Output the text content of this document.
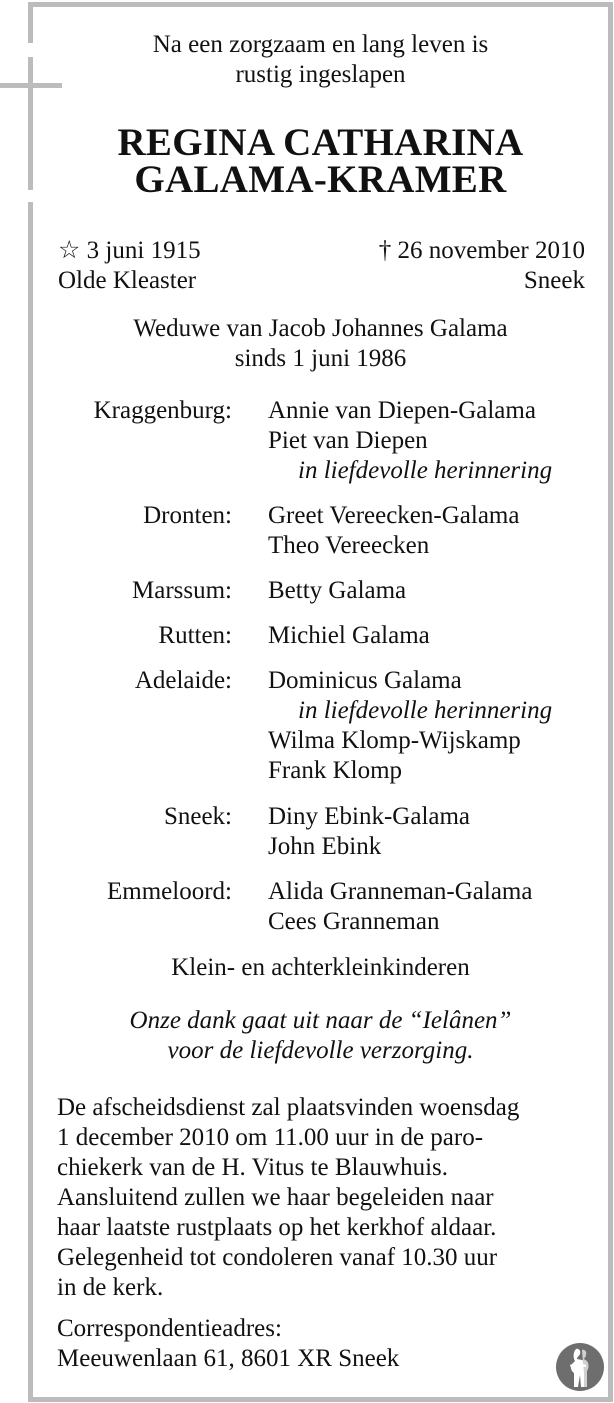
Na een zorgzaam en lang leven is
rustig ingeslapen
REGINA CATHARINA
GALAMA-KRAMER
☆ 3 juni 1915
Olde Kleaster
† 26 november 2010
Sneek
Weduwe van Jacob Johannes Galama
sinds 1 juni 1986
Kraggenburg: Annie van Diepen-Galama
Piet van Diepen
in liefdevolle herinnering
Dronten: Greet Vereecken-Galama
Theo Vereecken
Marssum: Betty Galama
Rutten: Michiel Galama
Adelaide: Dominicus Galama
in liefdevolle herinnering
Wilma Klomp-Wijskamp
Frank Klomp
Sneek: Diny Ebink-Galama
John Ebink
Emmeloord: Alida Granneman-Galama
Cees Granneman
Klein- en achterkleinkinderen
Onze dank gaat uit naar de “Ielânen”
voor de liefdevolle verzorging.
De afscheidsdienst zal plaatsvinden woensdag
1 december 2010 om 11.00 uur in de paro-
chiekerk van de H. Vitus te Blauwhuis.
Aansluitend zullen we haar begeleiden naar
haar laatste rustplaats op het kerkhof aldaar.
Gelegenheid tot condoleren vanaf 10.30 uur
in de kerk.
Correspondentieadres:
Meeuwenlaan 61, 8601 XR Sneek
